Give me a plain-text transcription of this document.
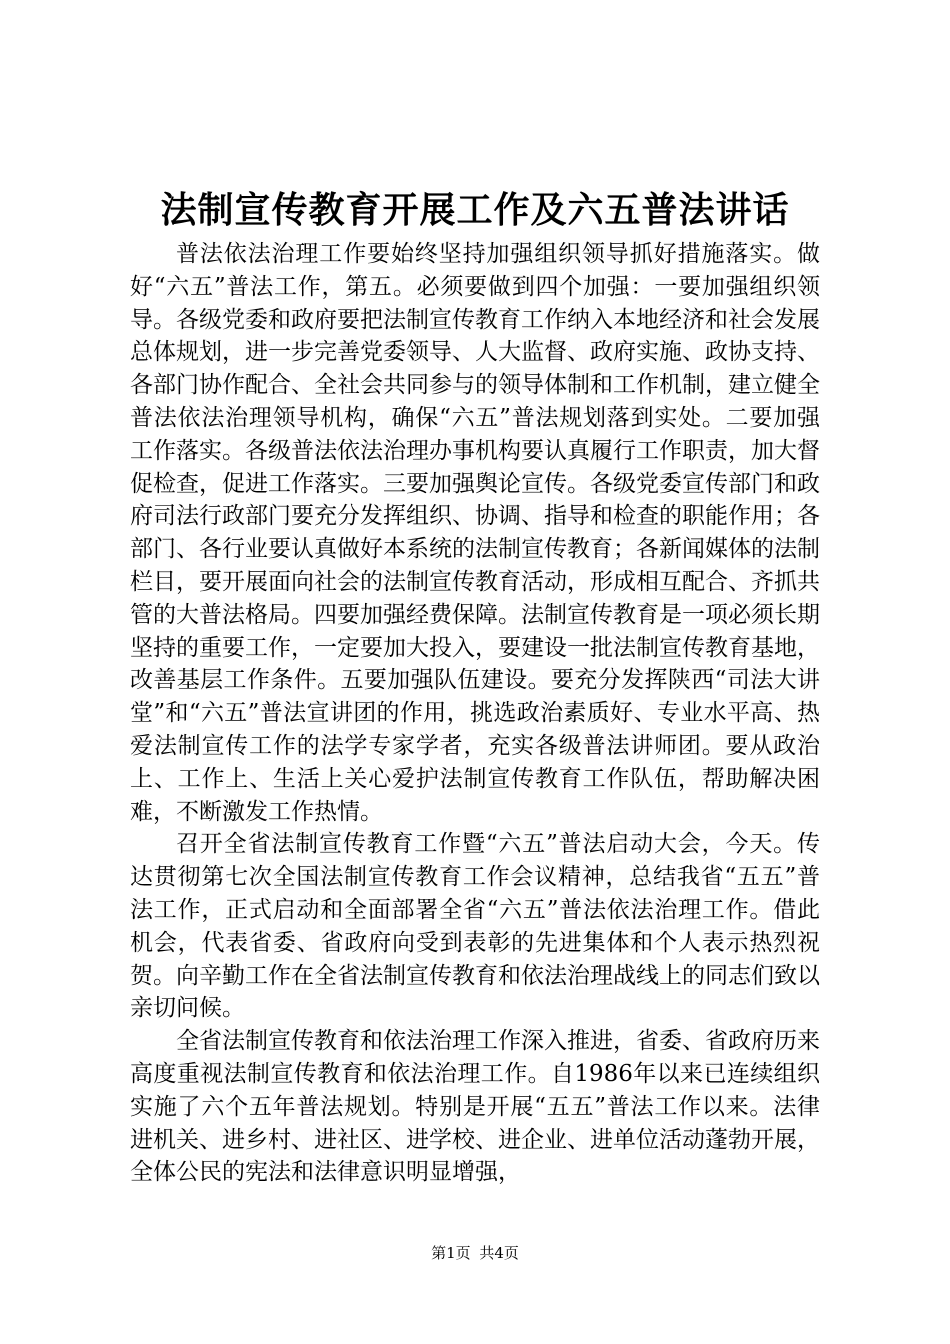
法制宣传教育开展工作及六五普法讲话

普法依法治理工作要始终坚持加强组织领导抓好措施落实。做好“六五”普法工作，第五。必须要做到四个加强：一要加强组织领导。各级党委和政府要把法制宣传教育工作纳入本地经济和社会发展总体规划，进一步完善党委领导、人大监督、政府实施、政协支持、各部门协作配合、全社会共同参与的领导体制和工作机制，建立健全普法依法治理领导机构，确保“六五”普法规划落到实处。二要加强工作落实。各级普法依法治理办事机构要认真履行工作职责，加大督促检查，促进工作落实。三要加强舆论宣传。各级党委宣传部门和政府司法行政部门要充分发挥组织、协调、指导和检查的职能作用；各部门、各行业要认真做好本系统的法制宣传教育；各新闻媒体的法制栏目，要开展面向社会的法制宣传教育活动，形成相互配合、齐抓共管的大普法格局。四要加强经费保障。法制宣传教育是一项必须长期坚持的重要工作，一定要加大投入，要建设一批法制宣传教育基地，改善基层工作条件。五要加强队伍建设。要充分发挥陕西“司法大讲堂”和“六五”普法宣讲团的作用，挑选政治素质好、专业水平高、热爱法制宣传工作的法学专家学者，充实各级普法讲师团。要从政治上、工作上、生活上关心爱护法制宣传教育工作队伍，帮助解决困难，不断激发工作热情。

召开全省法制宣传教育工作暨“六五”普法启动大会，今天。传达贯彻第七次全国法制宣传教育工作会议精神，总结我省“五五”普法工作，正式启动和全面部署全省“六五”普法依法治理工作。借此机会，代表省委、省政府向受到表彰的先进集体和个人表示热烈祝贺。向辛勤工作在全省法制宣传教育和依法治理战线上的同志们致以亲切问候。

全省法制宣传教育和依法治理工作深入推进，省委、省政府历来高度重视法制宣传教育和依法治理工作。自1986年以来已连续组织实施了六个五年普法规划。特别是开展“五五”普法工作以来。法律进机关、进乡村、进社区、进学校、进企业、进单位活动蓬勃开展，全体公民的宪法和法律意识明显增强，

第1页 共4页
